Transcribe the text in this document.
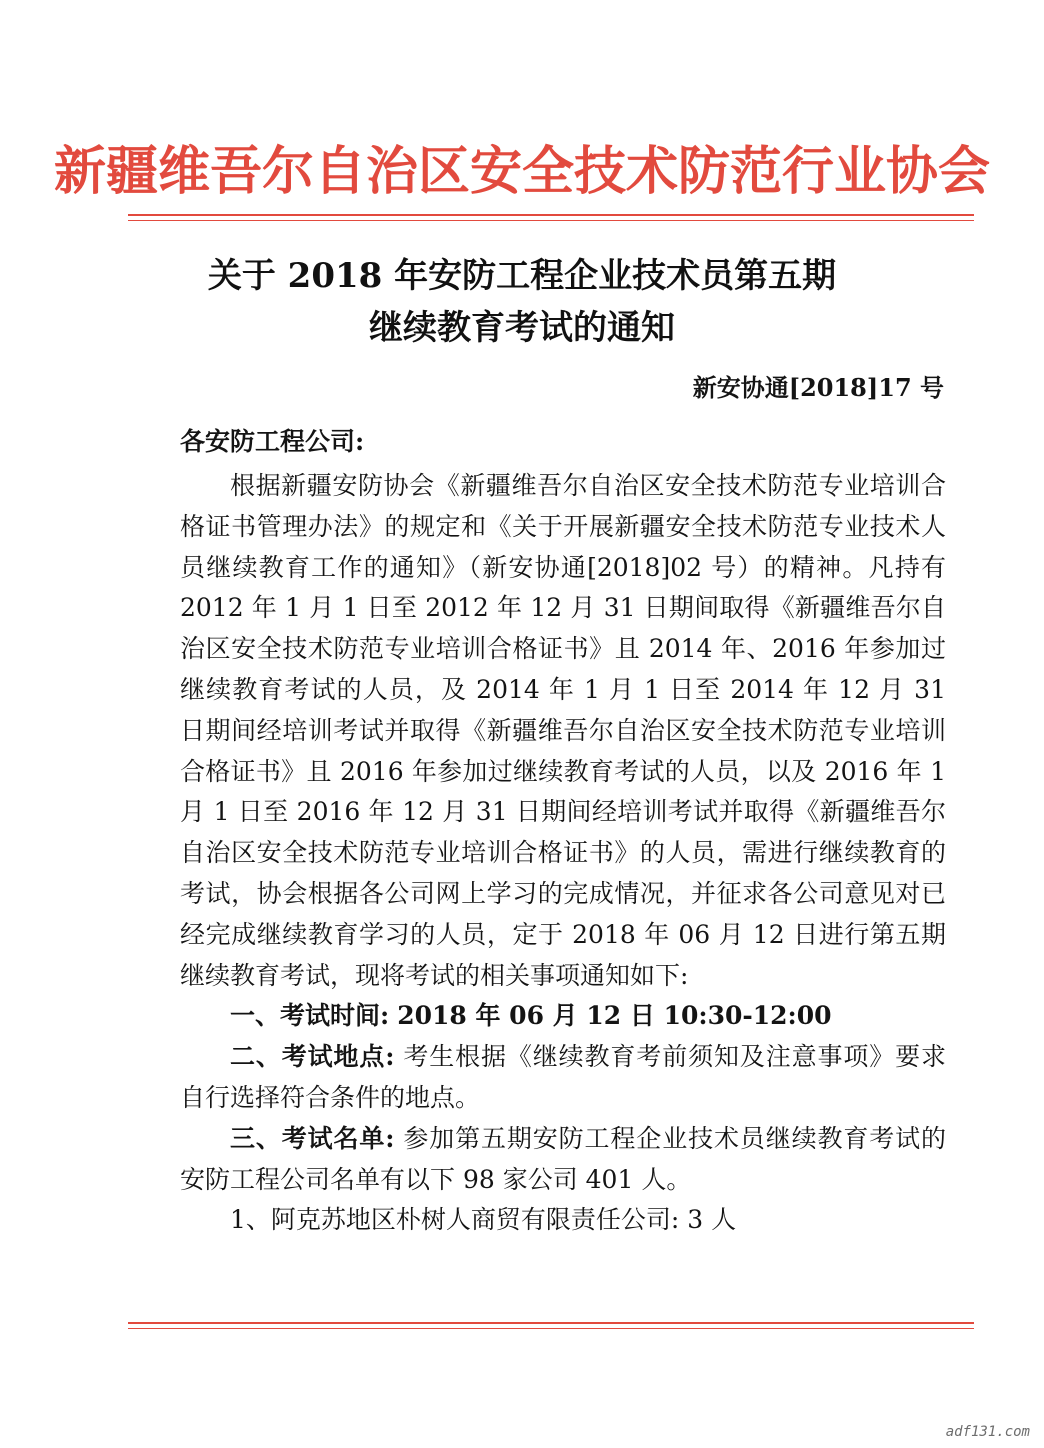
新疆维吾尔自治区安全技术防范行业协会
关于 2018 年安防工程企业技术员第五期
继续教育考试的通知
新安协通[2018]17 号
各安防工程公司:

根据新疆安防协会《新疆维吾尔自治区安全技术防范专业培训合格证书管理办法》的规定和《关于开展新疆安全技术防范专业技术人员继续教育工作的通知》（新安协通[2018]02 号）的精神。凡持有 2012 年 1 月 1 日至 2012 年 12 月 31 日期间取得《新疆维吾尔自治区安全技术防范专业培训合格证书》且 2014 年、2016 年参加过继续教育考试的人员，及 2014 年 1 月 1 日至 2014 年 12 月 31 日期间经培训考试并取得《新疆维吾尔自治区安全技术防范专业培训合格证书》且 2016 年参加过继续教育考试的人员，以及 2016 年 1 月 1 日至 2016 年 12 月 31 日期间经培训考试并取得《新疆维吾尔自治区安全技术防范专业培训合格证书》的人员，需进行继续教育的考试，协会根据各公司网上学习的完成情况，并征求各公司意见对已经完成继续教育学习的人员，定于 2018 年 06 月 12 日进行第五期继续教育考试，现将考试的相关事项通知如下:

一、考试时间: 2018 年 06 月 12 日 10:30-12:00

二、考试地点: 考生根据《继续教育考前须知及注意事项》要求自行选择符合条件的地点。

三、考试名单: 参加第五期安防工程企业技术员继续教育考试的安防工程公司名单有以下 98 家公司 401 人。

1、阿克苏地区朴树人商贸有限责任公司: 3 人

adf131.com
